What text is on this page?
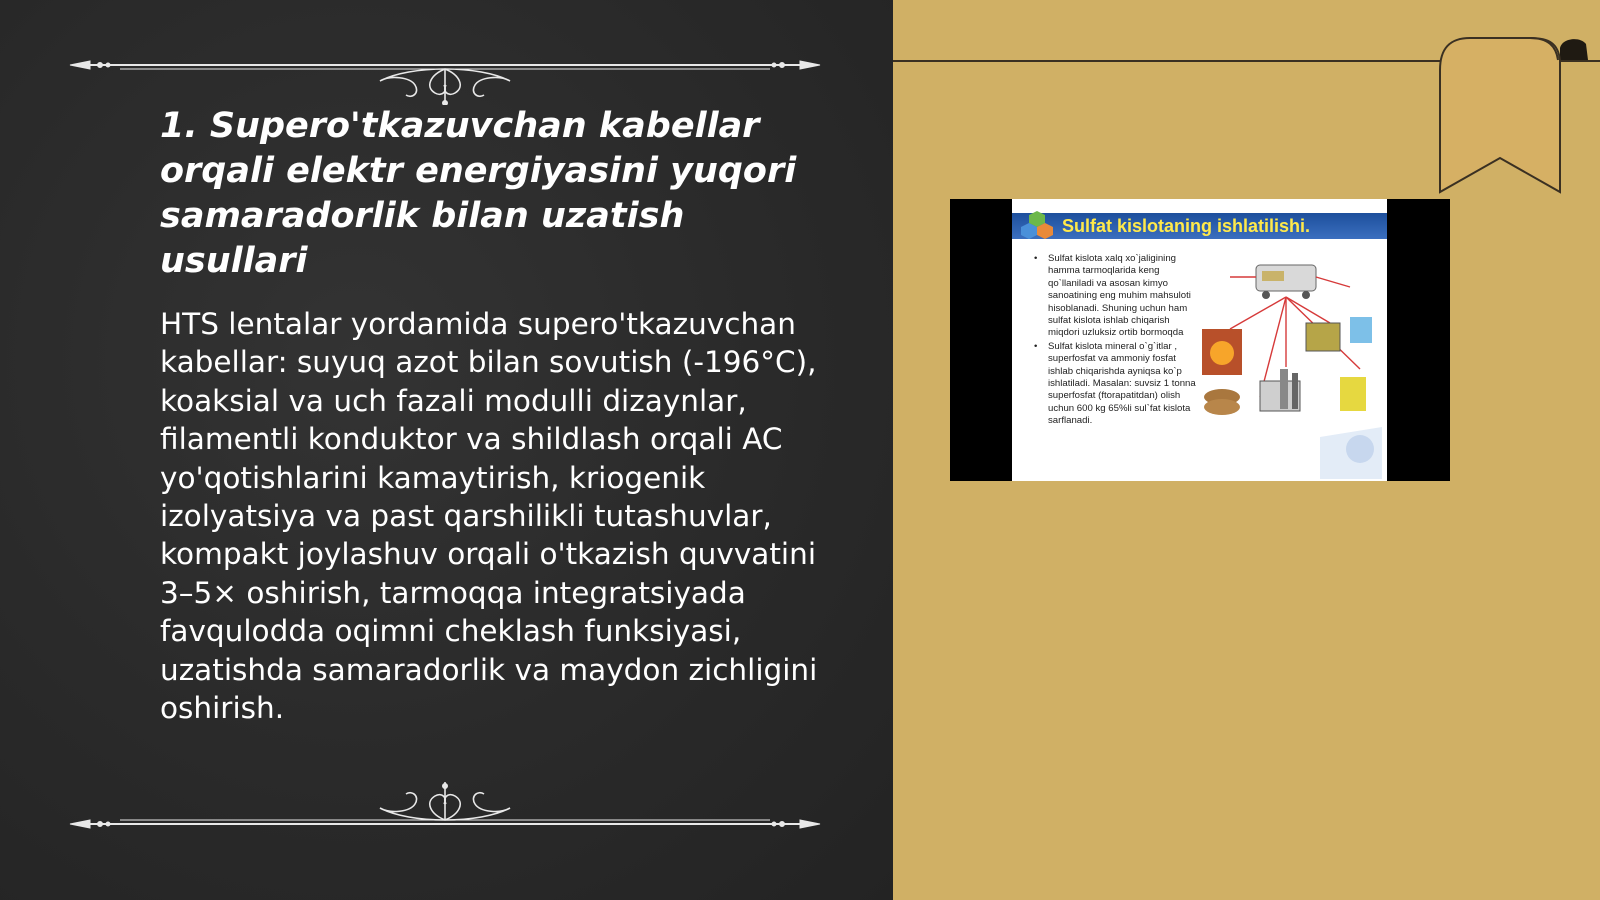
1. Supero'tkazuvchan kabellar orqali elektr energiyasini yuqori samaradorlik bilan uzatish usullari

HTS lentalar yordamida supero'tkazuvchan kabellar: suyuq azot bilan sovutish (-196°C), koaksial va uch fazali modulli dizaynlar, filamentli konduktor va shildlash orqali AC yo'qotishlarini kamaytirish, kriogenik izolyatsiya va past qarshilikli tutashuvlar, kompakt joylashuv orqali o'tkazish quvvatini 3–5× oshirish, tarmoqqa integratsiyada favqulodda oqimni cheklash funksiyasi, uzatishda samaradorlik va maydon zichligini oshirish.

Sulfat kislotaning ishlatilishi.
• Sulfat kislota xalq xo`jaligining hamma tarmoqlarida keng qo`llaniladi va asosan kimyo sanoatining eng muhim mahsuloti hisoblanadi. Shuning uchun ham sulfat kislota ishlab chiqarish miqdori uzluksiz ortib bormoqda
• Sulfat kislota mineral o`g`itlar , superfosfat va ammoniy fosfat ishlab chiqarishda ayniqsa ko`p ishlatiladi. Masalan: suvsiz 1 tonna superfosfat (ftorapatitdan) olish uchun 600 kg 65%li sul`fat kislota sarflanadi.
